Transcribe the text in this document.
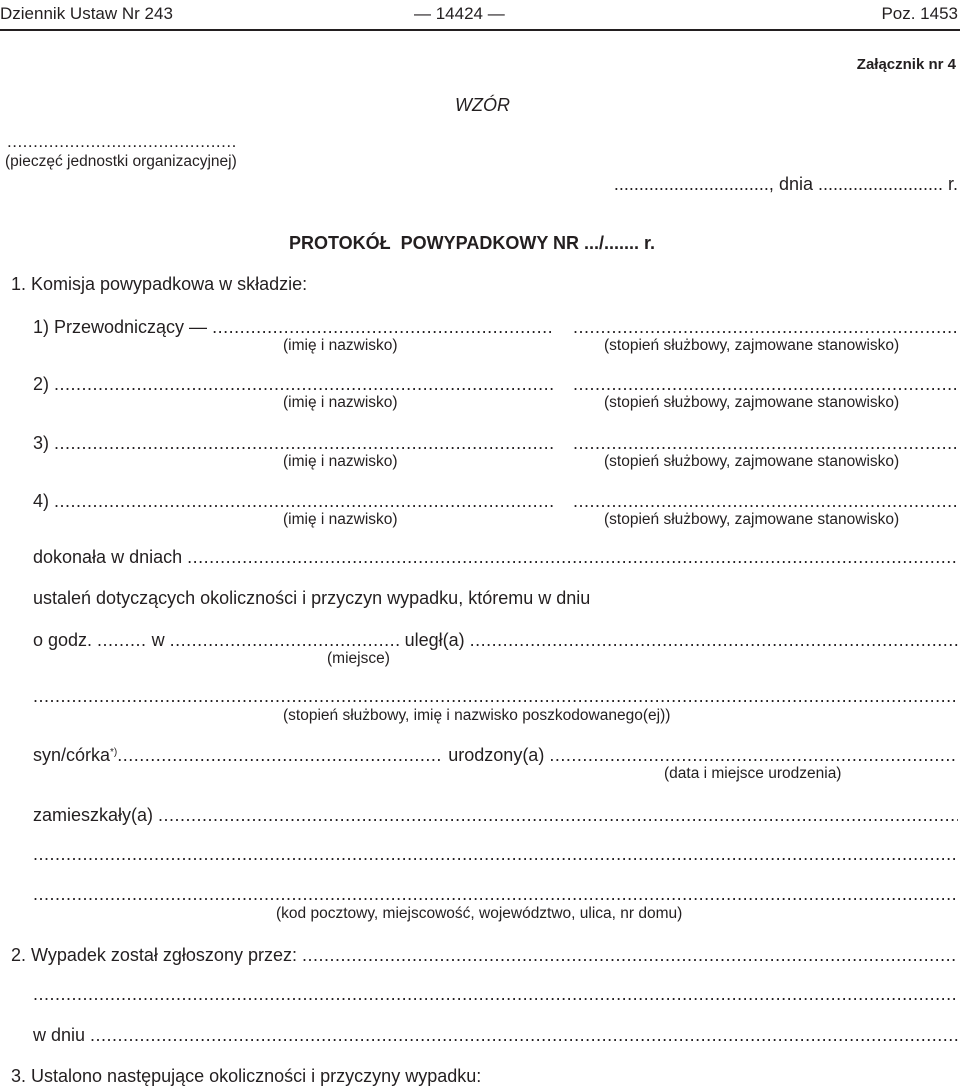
Dziennik Ustaw Nr 243	— 14424 —	Poz. 1453
Załącznik nr 4
WZÓR
............................................
(pieczęć jednostki organizacyjnej)
..............................., dnia ......................... r.
PROTOKÓŁ  POWYPADKOWY NR .../....... r.
1. Komisja powypadkowa w składzie:
1) Przewodniczący —
.....
.....
(imię i nazwisko)	(stopień służbowy, zajmowane stanowisko)
2)
.....
.....
(imię i nazwisko)	(stopień służbowy, zajmowane stanowisko)
3)
.....
.....
(imię i nazwisko)	(stopień służbowy, zajmowane stanowisko)
4)
.....
.....
(imię i nazwisko)	(stopień służbowy, zajmowane stanowisko)
dokonała w dniach
.....
ustaleń dotyczących okoliczności i przyczyn wypadku, któremu w dniu
o godz. ......... w .....	uległ(a)
.....
(miejsce)
.....
(stopień służbowy, imię i nazwisko poszkodowanego(ej))
syn/córka*) .....	urodzony(a)
.....
(data i miejsce urodzenia)
zamieszkały(a)
.....
.....
.....
(kod pocztowy, miejscowość, województwo, ulica, nr domu)
2. Wypadek został zgłoszony przez:
.....
.....
w dniu
.....
3. Ustalono następujące okoliczności i przyczyny wypadku:
